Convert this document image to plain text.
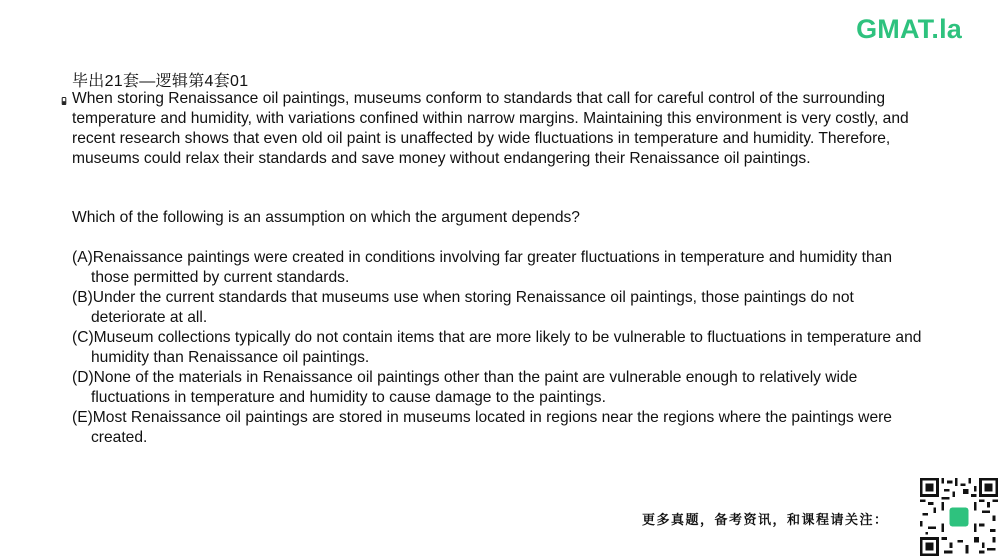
GMAT.la
毕出21套—逻辑第4套01
When storing Renaissance oil paintings, museums conform to standards that call for careful control of the surrounding temperature and humidity, with variations confined within narrow margins. Maintaining this environment is very costly, and recent research shows that even old oil paint is unaffected by wide fluctuations in temperature and humidity. Therefore, museums could relax their standards and save money without endangering their Renaissance oil paintings.
Which of the following is an assumption on which the argument depends?
(A)Renaissance paintings were created in conditions involving far greater fluctuations in temperature and humidity than those permitted by current standards.
(B)Under the current standards that museums use when storing Renaissance oil paintings, those paintings do not deteriorate at all.
(C)Museum collections typically do not contain items that are more likely to be vulnerable to fluctuations in temperature and humidity than Renaissance oil paintings.
(D)None of the materials in Renaissance oil paintings other than the paint are vulnerable enough to relatively wide fluctuations in temperature and humidity to cause damage to the paintings.
(E)Most Renaissance oil paintings are stored in museums located in regions near the regions where the paintings were created.
更多真题，备考资讯，和课程请关注：
